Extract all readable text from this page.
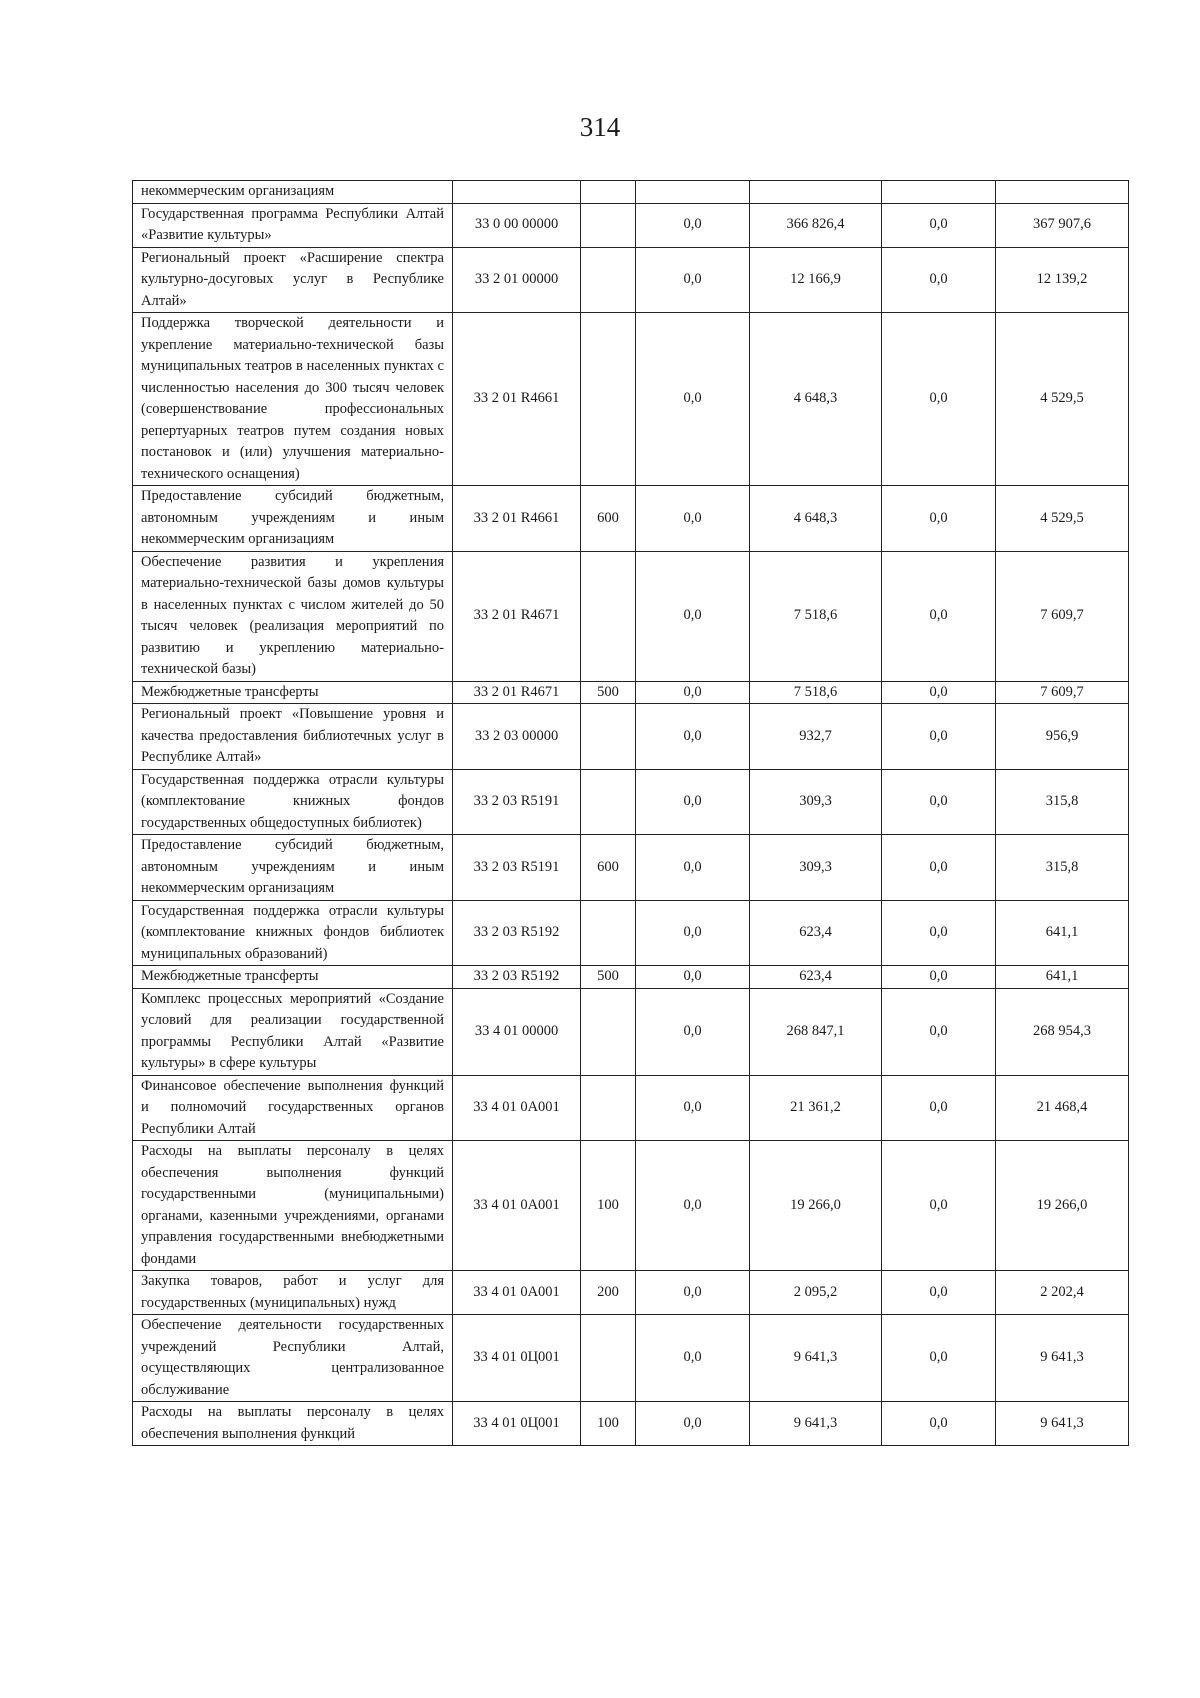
314
некоммерческим организациям						
Государственная программа Республики Алтай «Развитие культуры»	33 0 00 00000		0,0	366 826,4	0,0	367 907,6
Региональный проект «Расширение спектра культурно-досуговых услуг в Республике Алтай»	33 2 01 00000		0,0	12 166,9	0,0	12 139,2
Поддержка творческой деятельности и укрепление материально-технической базы муниципальных театров в населенных пунктах с численностью населения до 300 тысяч человек (совершенствование профессиональных репертуарных театров путем создания новых постановок и (или) улучшения материально-технического оснащения)	33 2 01 R4661		0,0	4 648,3	0,0	4 529,5
Предоставление субсидий бюджетным, автономным учреждениям и иным некоммерческим организациям	33 2 01 R4661	600	0,0	4 648,3	0,0	4 529,5
Обеспечение развития и укрепления материально-технической базы домов культуры в населенных пунктах с числом жителей до 50 тысяч человек (реализация мероприятий по развитию и укреплению материально-технической базы)	33 2 01 R4671		0,0	7 518,6	0,0	7 609,7
Межбюджетные трансферты	33 2 01 R4671	500	0,0	7 518,6	0,0	7 609,7
Региональный проект «Повышение уровня и качества предоставления библиотечных услуг в Республике Алтай»	33 2 03 00000		0,0	932,7	0,0	956,9
Государственная поддержка отрасли культуры (комплектование книжных фондов государственных общедоступных библиотек)	33 2 03 R5191		0,0	309,3	0,0	315,8
Предоставление субсидий бюджетным, автономным учреждениям и иным некоммерческим организациям	33 2 03 R5191	600	0,0	309,3	0,0	315,8
Государственная поддержка отрасли культуры (комплектование книжных фондов библиотек муниципальных образований)	33 2 03 R5192		0,0	623,4	0,0	641,1
Межбюджетные трансферты	33 2 03 R5192	500	0,0	623,4	0,0	641,1
Комплекс процессных мероприятий «Создание условий для реализации государственной программы Республики Алтай «Развитие культуры» в сфере культуры	33 4 01 00000		0,0	268 847,1	0,0	268 954,3
Финансовое обеспечение выполнения функций и полномочий государственных органов Республики Алтай	33 4 01 0А001		0,0	21 361,2	0,0	21 468,4
Расходы на выплаты персоналу в целях обеспечения выполнения функций государственными (муниципальными) органами, казенными учреждениями, органами управления государственными внебюджетными фондами	33 4 01 0А001	100	0,0	19 266,0	0,0	19 266,0
Закупка товаров, работ и услуг для государственных (муниципальных) нужд	33 4 01 0А001	200	0,0	2 095,2	0,0	2 202,4
Обеспечение деятельности государственных учреждений Республики Алтай, осуществляющих централизованное обслуживание	33 4 01 0Ц001		0,0	9 641,3	0,0	9 641,3
Расходы на выплаты персоналу в целях обеспечения выполнения функций	33 4 01 0Ц001	100	0,0	9 641,3	0,0	9 641,3
